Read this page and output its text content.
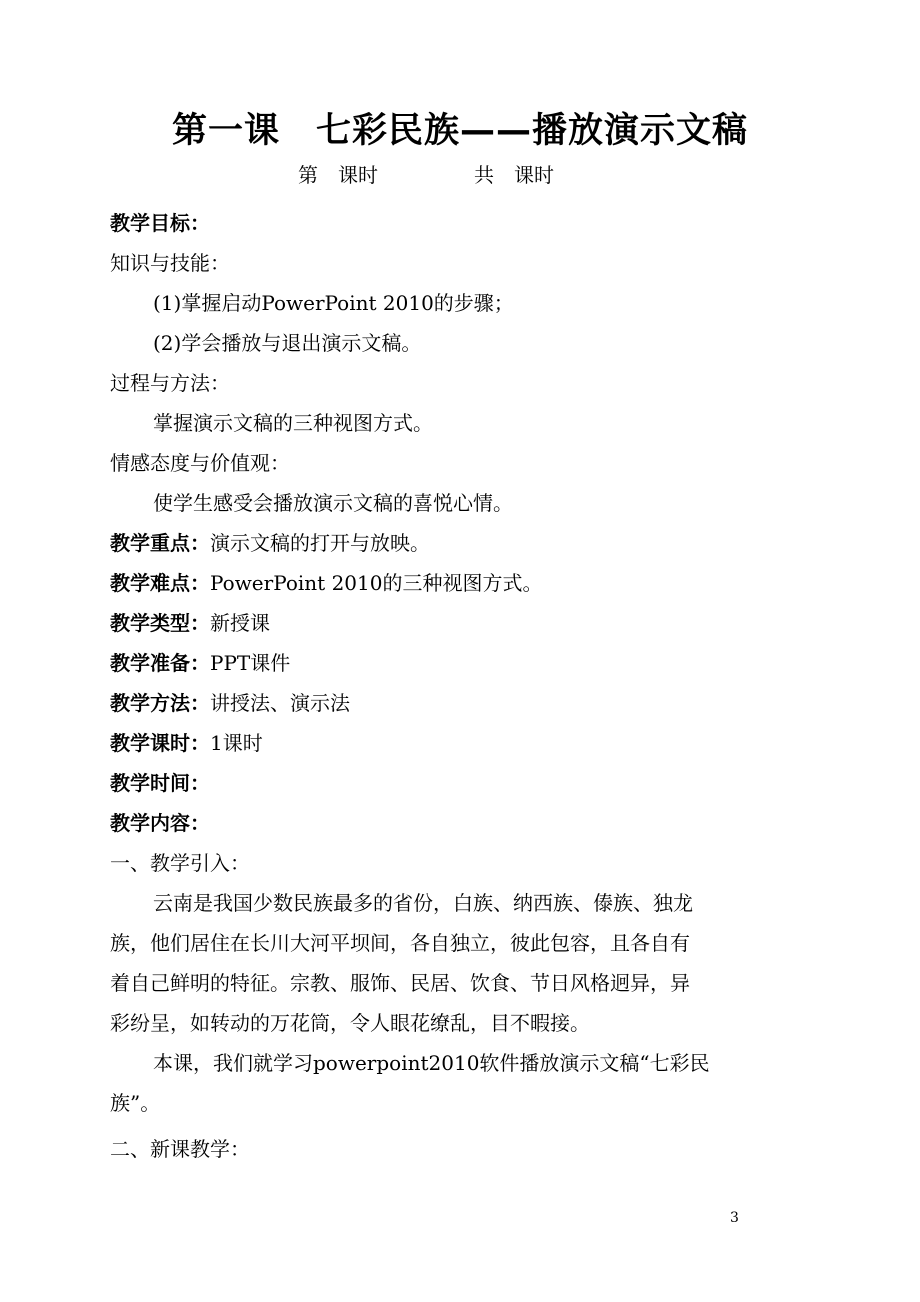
第一课　七彩民族——播放演示文稿
第　课时	共　课时
教学目标：
知识与技能：
(1)掌握启动PowerPoint 2010的步骤；
(2)学会播放与退出演示文稿。
过程与方法：
掌握演示文稿的三种视图方式。
情感态度与价值观：
使学生感受会播放演示文稿的喜悦心情。
教学重点：演示文稿的打开与放映。
教学难点：PowerPoint 2010的三种视图方式。
教学类型：新授课
教学准备：PPT课件
教学方法：讲授法、演示法
教学课时：1课时
教学时间：
教学内容：
一、教学引入：
云南是我国少数民族最多的省份，白族、纳西族、傣族、独龙
族，他们居住在长川大河平坝间，各自独立，彼此包容，且各自有
着自己鲜明的特征。宗教、服饰、民居、饮食、节日风格迥异，异
彩纷呈，如转动的万花筒，令人眼花缭乱，目不暇接。
本课，我们就学习powerpoint2010软件播放演示文稿“七彩民
族”。
二、新课教学：
3
